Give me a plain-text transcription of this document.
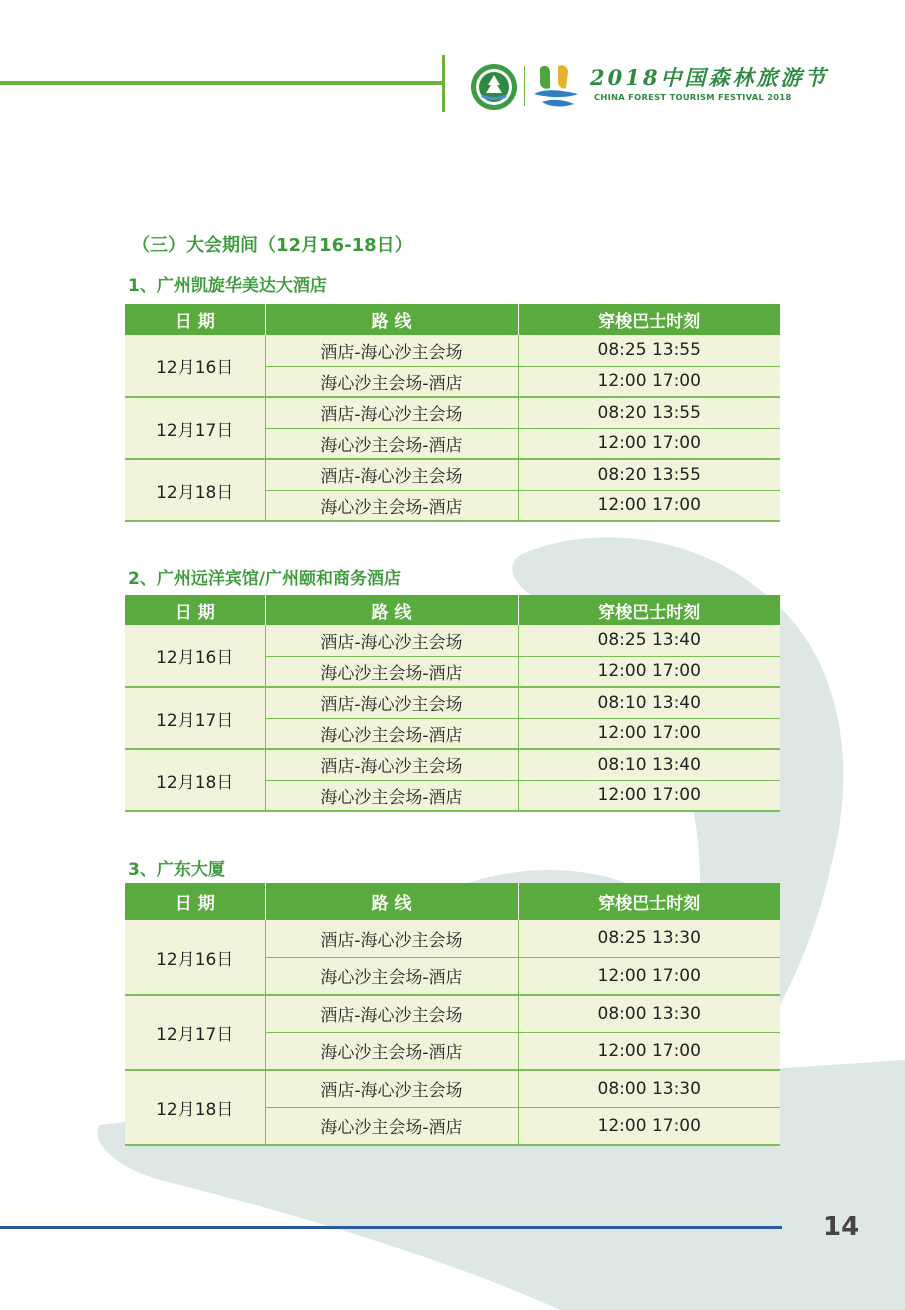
2018中国森林旅游节
CHINA FOREST TOURISM FESTIVAL 2018
（三）大会期间（12月16-18日）
1、广州凯旋华美达大酒店
日 期	路 线	穿梭巴士时刻
12月16日	酒店-海心沙主会场	08:25 13:55
	海心沙主会场-酒店	12:00 17:00
12月17日	酒店-海心沙主会场	08:20 13:55
	海心沙主会场-酒店	12:00 17:00
12月18日	酒店-海心沙主会场	08:20 13:55
	海心沙主会场-酒店	12:00 17:00
2、广州远洋宾馆/广州颐和商务酒店
日 期	路 线	穿梭巴士时刻
12月16日	酒店-海心沙主会场	08:25 13:40
	海心沙主会场-酒店	12:00 17:00
12月17日	酒店-海心沙主会场	08:10 13:40
	海心沙主会场-酒店	12:00 17:00
12月18日	酒店-海心沙主会场	08:10 13:40
	海心沙主会场-酒店	12:00 17:00
3、广东大厦
日 期	路 线	穿梭巴士时刻
12月16日	酒店-海心沙主会场	08:25 13:30
	海心沙主会场-酒店	12:00 17:00
12月17日	酒店-海心沙主会场	08:00 13:30
	海心沙主会场-酒店	12:00 17:00
12月18日	酒店-海心沙主会场	08:00 13:30
	海心沙主会场-酒店	12:00 17:00
14
